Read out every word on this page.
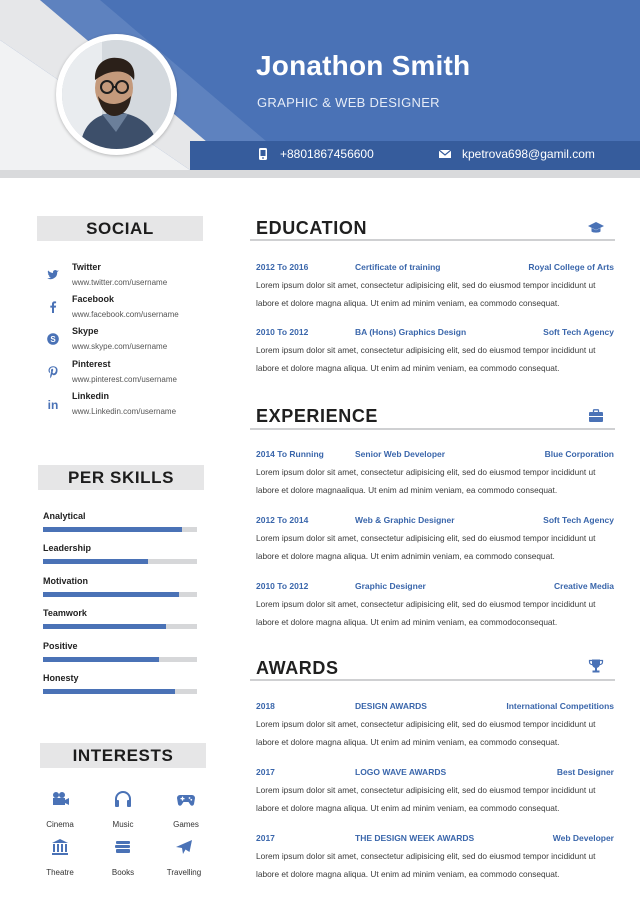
Jonathon Smith
GRAPHIC & WEB DESIGNER
+8801867456600	kpetrova698@gamil.com
SOCIAL
Twitter
www.twitter.com/username
Facebook
www.facebook.com/username
S
Skype
www.skype.com/username
Pinterest
www.pinterest.com/username
in
Linkedin
www.Linkedin.com/username
PER SKILLS
Analytical
Leadership
Motivation
Teamwork
Positive
Honesty
INTERESTS
Cinema	Music	Games
Theatre	Books	Travelling
EDUCATION
2012 To 2016	Certificate of training	Royal College of Arts
Lorem ipsum dolor sit amet, consectetur adipisicing elit, sed do eiusmod tempor incididunt ut
labore et dolore magna aliqua. Ut enim ad minim veniam, ea commodo consequat.
2010 To 2012	BA (Hons) Graphics Design	Soft Tech Agency
Lorem ipsum dolor sit amet, consectetur adipisicing elit, sed do eiusmod tempor incididunt ut
labore et dolore magna aliqua. Ut enim ad minim veniam, ea commodo consequat.
EXPERIENCE
2014 To Running	Senior Web Developer	Blue Corporation
Lorem ipsum dolor sit amet, consectetur adipisicing elit, sed do eiusmod tempor incididunt ut
labore et dolore magnaaliqua. Ut enim ad minim veniam, ea commodo consequat.
2012 To 2014	Web & Graphic Designer	Soft Tech Agency
Lorem ipsum dolor sit amet, consectetur adipisicing elit, sed do eiusmod tempor incididunt ut
labore et dolore magna aliqua. Ut enim adnimin veniam, ea commodo consequat.
2010 To 2012	Graphic Designer	Creative Media
Lorem ipsum dolor sit amet, consectetur adipisicing elit, sed do eiusmod tempor incididunt ut
labore et dolore magna aliqua. Ut enim ad minim veniam, ea commodoconsequat.
AWARDS
2018	DESIGN AWARDS	International Competitions
Lorem ipsum dolor sit amet, consectetur adipisicing elit, sed do eiusmod tempor incididunt ut
labore et dolore magna aliqua. Ut enim ad minim veniam, ea commodo consequat.
2017	LOGO WAVE AWARDS	Best Designer
Lorem ipsum dolor sit amet, consectetur adipisicing elit, sed do eiusmod tempor incididunt ut
labore et dolore magna aliqua. Ut enim ad minim veniam, ea commodo consequat.
2017	THE DESIGN WEEK AWARDS	Web Developer
Lorem ipsum dolor sit amet, consectetur adipisicing elit, sed do eiusmod tempor incididunt ut
labore et dolore magna aliqua. Ut enim ad minim veniam, ea commodo consequat.
